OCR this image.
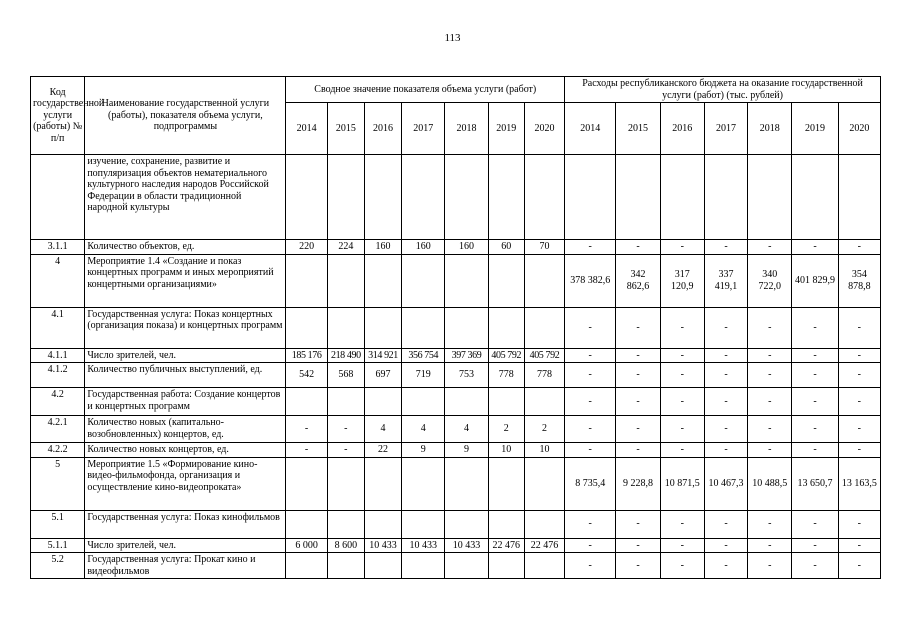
113
Код государственной услуги (работы) № п/п	Наименование государственной услуги (работы), показателя объема услуги, подпрограммы	Сводное значение показателя объема услуги (работ)							Расходы республиканского бюджета на оказание государственной услуги (работ) (тыс. рублей)						
		2014	2015	2016	2017	2018	2019	2020	2014	2015	2016	2017	2018	2019	2020
	изучение, сохранение, развитие и популяризация объектов нематериального культурного наследия народов Российской Федерации в области традиционной народной культуры														
3.1.1	Количество объектов, ед.	220	224	160	160	160	60	70	-	-	-	-	-	-	-
4	Мероприятие 1.4 «Создание и показ концертных программ и иных мероприятий концертными организациями»								378 382,6	342 862,6	317 120,9	337 419,1	340 722,0	401 829,9	354 878,8
4.1	Государственная услуга: Показ концертных (организация показа) и концертных программ								-	-	-	-	-	-	-
4.1.1	Число зрителей, чел.	185 176	218 490	314 921	356 754	397 369	405 792	405 792	-	-	-	-	-	-	-
4.1.2	Количество публичных выступлений, ед.	542	568	697	719	753	778	778	-	-	-	-	-	-	-
4.2	Государственная работа: Создание концертов и концертных программ								-	-	-	-	-	-	-
4.2.1	Количество новых (капитально-возобновленных) концертов, ед.	-	-	4	4	4	2	2	-	-	-	-	-	-	-
4.2.2	Количество новых концертов, ед.	-	-	22	9	9	10	10	-	-	-	-	-	-	-
5	Мероприятие 1.5 «Формирование кино-видео-фильмофонда, организация и осуществление кино-видеопроката»								8 735,4	9 228,8	10 871,5	10 467,3	10 488,5	13 650,7	13 163,5
5.1	Государственная услуга: Показ кинофильмов								-	-	-	-	-	-	-
5.1.1	Число зрителей, чел.	6 000	8 600	10 433	10 433	10 433	22 476	22 476	-	-	-	-	-	-	-
5.2	Государственная услуга: Прокат кино и видеофильмов								-	-	-	-	-	-	-
